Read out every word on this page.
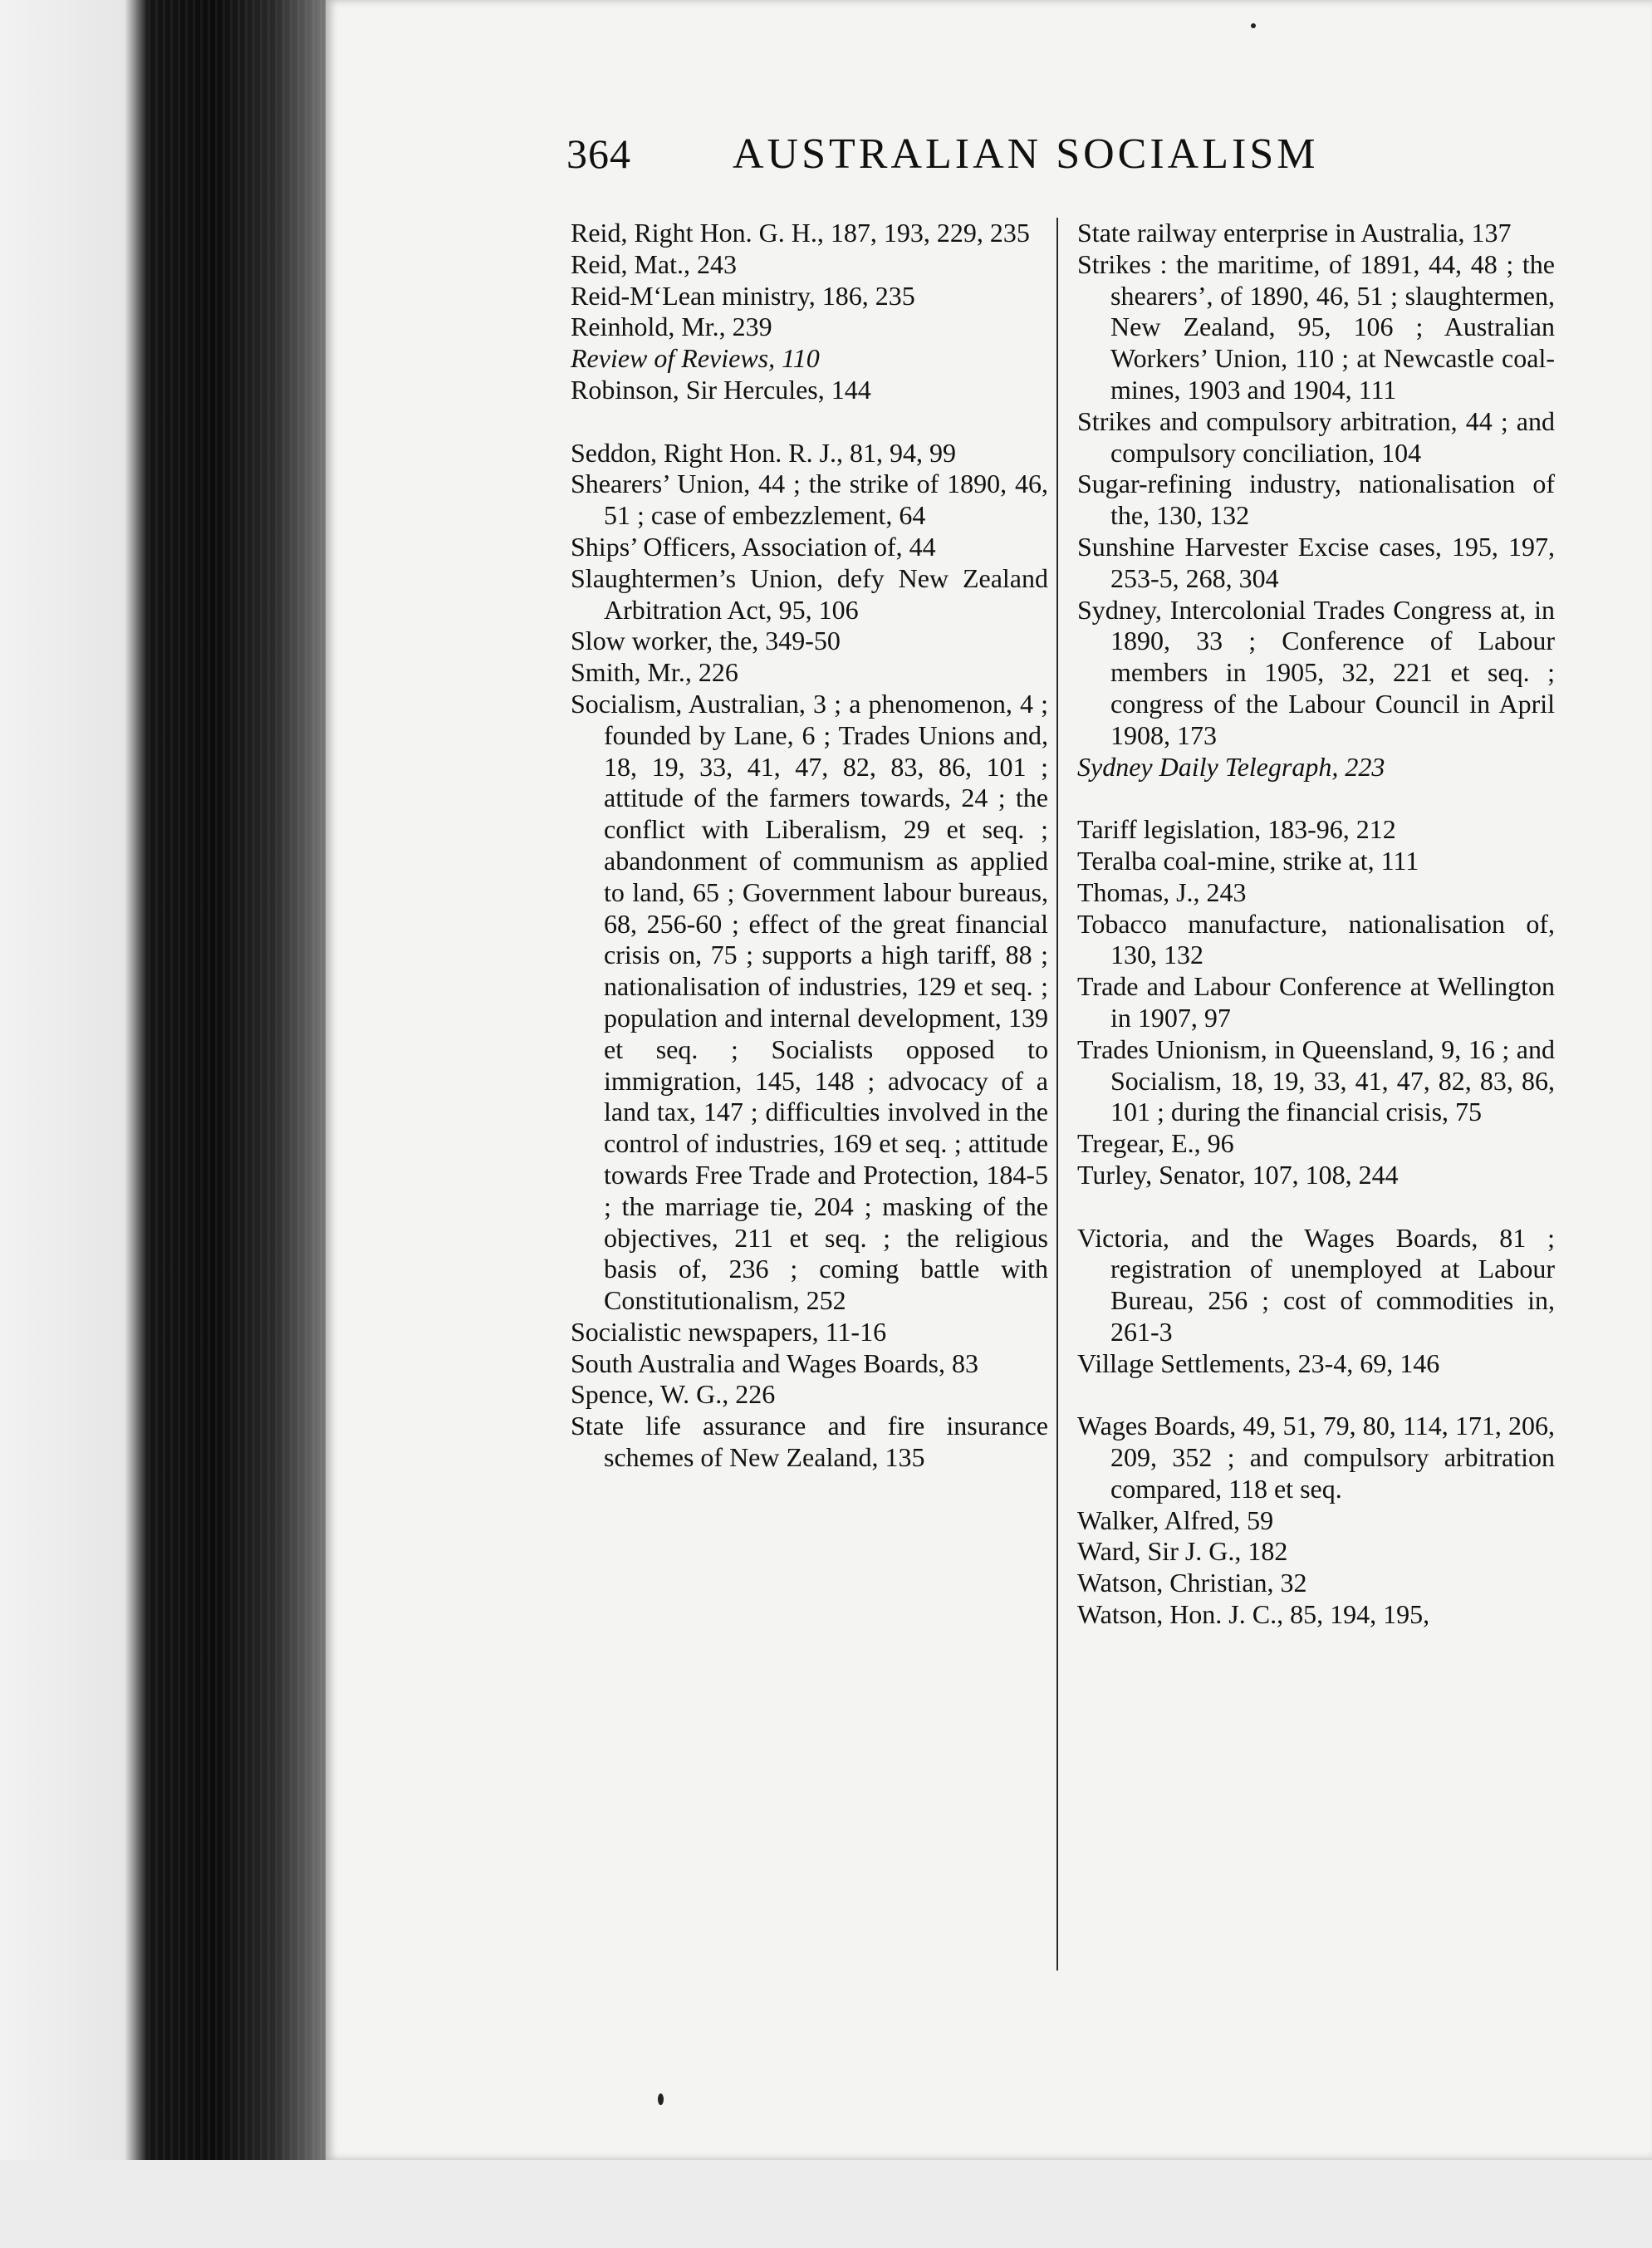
364 AUSTRALIAN SOCIALISM
Reid, Right Hon. G. H., 187, 193, 229, 235
Reid, Mat., 243
Reid-M‘Lean ministry, 186, 235
Reinhold, Mr., 239
Review of Reviews, 110
Robinson, Sir Hercules, 144
Seddon, Right Hon. R. J., 81, 94, 99
Shearers’ Union, 44 ; the strike of 1890, 46, 51 ; case of embezzlement, 64
Ships’ Officers, Association of, 44
Slaughtermen’s Union, defy New Zealand Arbitration Act, 95, 106
Slow worker, the, 349-50
Smith, Mr., 226
Socialism, Australian, 3 ; a phenomenon, 4 ; founded by Lane, 6 ; Trades Unions and, 18, 19, 33, 41, 47, 82, 83, 86, 101 ; attitude of the farmers towards, 24 ; the conflict with Liberalism, 29 et seq. ; abandonment of communism as applied to land, 65 ; Government labour bureaus, 68, 256-60 ; effect of the great financial crisis on, 75 ; supports a high tariff, 88 ; nationalisation of industries, 129 et seq. ; population and internal development, 139 et seq. ; Socialists opposed to immigration, 145, 148 ; advocacy of a land tax, 147 ; difficulties involved in the control of industries, 169 et seq. ; attitude towards Free Trade and Protection, 184-5 ; the marriage tie, 204 ; masking of the objectives, 211 et seq. ; the religious basis of, 236 ; coming battle with Constitutionalism, 252
Socialistic newspapers, 11-16
South Australia and Wages Boards, 83
Spence, W. G., 226
State life assurance and fire insurance schemes of New Zealand, 135
State railway enterprise in Australia, 137
Strikes : the maritime, of 1891, 44, 48 ; the shearers’, of 1890, 46, 51 ; slaughtermen, New Zealand, 95, 106 ; Australian Workers’ Union, 110 ; at Newcastle coal-mines, 1903 and 1904, 111
Strikes and compulsory arbitration, 44 ; and compulsory conciliation, 104
Sugar-refining industry, nationalisation of the, 130, 132
Sunshine Harvester Excise cases, 195, 197, 253-5, 268, 304
Sydney, Intercolonial Trades Congress at, in 1890, 33 ; Conference of Labour members in 1905, 32, 221 et seq. ; congress of the Labour Council in April 1908, 173
Sydney Daily Telegraph, 223
Tariff legislation, 183-96, 212
Teralba coal-mine, strike at, 111
Thomas, J., 243
Tobacco manufacture, nationalisation of, 130, 132
Trade and Labour Conference at Wellington in 1907, 97
Trades Unionism, in Queensland, 9, 16 ; and Socialism, 18, 19, 33, 41, 47, 82, 83, 86, 101 ; during the financial crisis, 75
Tregear, E., 96
Turley, Senator, 107, 108, 244
Victoria, and the Wages Boards, 81 ; registration of unemployed at Labour Bureau, 256 ; cost of commodities in, 261-3
Village Settlements, 23-4, 69, 146
Wages Boards, 49, 51, 79, 80, 114, 171, 206, 209, 352 ; and compulsory arbitration compared, 118 et seq.
Walker, Alfred, 59
Ward, Sir J. G., 182
Watson, Christian, 32
Watson, Hon. J. C., 85, 194, 195,
